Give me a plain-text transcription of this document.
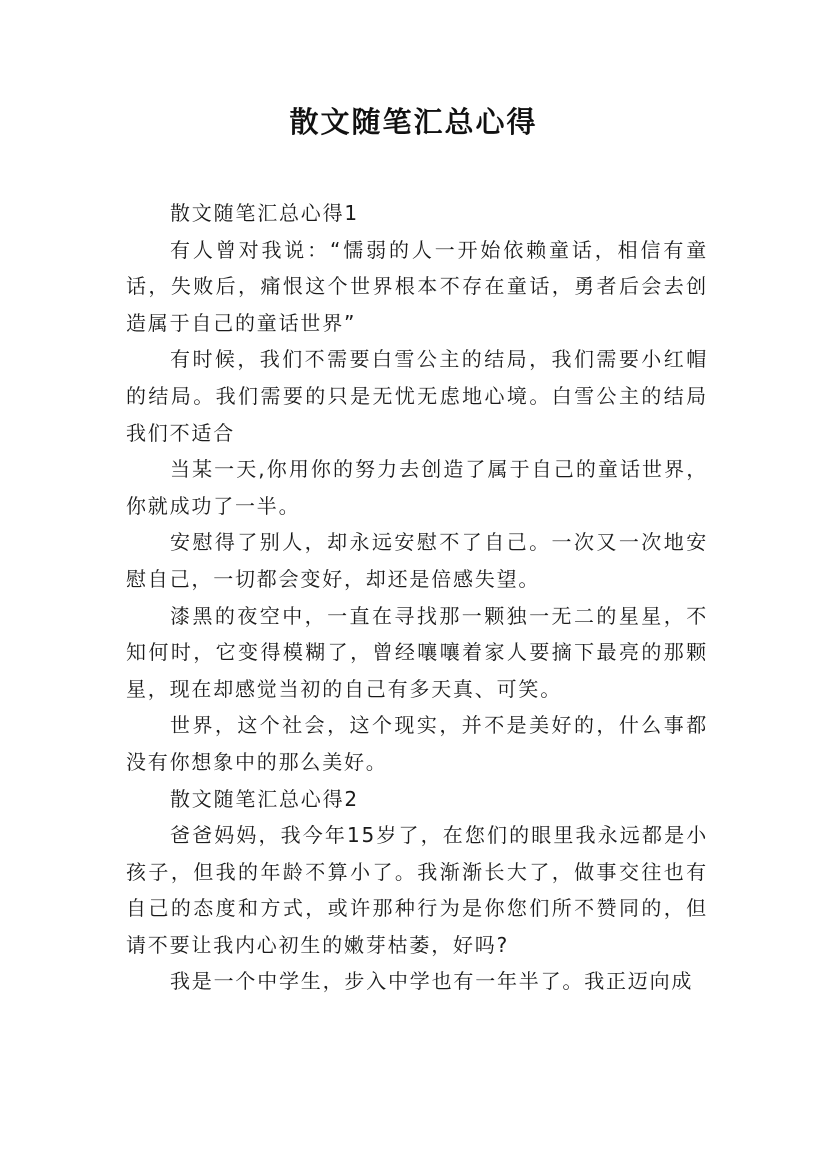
散文随笔汇总心得

散文随笔汇总心得1

有人曾对我说：“懦弱的人一开始依赖童话，相信有童话，失败后，痛恨这个世界根本不存在童话，勇者后会去创造属于自己的童话世界”

有时候，我们不需要白雪公主的结局，我们需要小红帽的结局。我们需要的只是无忧无虑地心境。白雪公主的结局我们不适合

当某一天,你用你的努力去创造了属于自己的童话世界，你就成功了一半。

安慰得了别人，却永远安慰不了自己。一次又一次地安慰自己，一切都会变好，却还是倍感失望。

漆黑的夜空中，一直在寻找那一颗独一无二的星星，不知何时，它变得模糊了，曾经嚷嚷着家人要摘下最亮的那颗星，现在却感觉当初的自己有多天真、可笑。

世界，这个社会，这个现实，并不是美好的，什么事都没有你想象中的那么美好。

散文随笔汇总心得2

爸爸妈妈，我今年15岁了，在您们的眼里我永远都是小孩子，但我的年龄不算小了。我渐渐长大了，做事交往也有自己的态度和方式，或许那种行为是你您们所不赞同的，但请不要让我内心初生的嫩芽枯萎，好吗?

我是一个中学生，步入中学也有一年半了。我正迈向成
